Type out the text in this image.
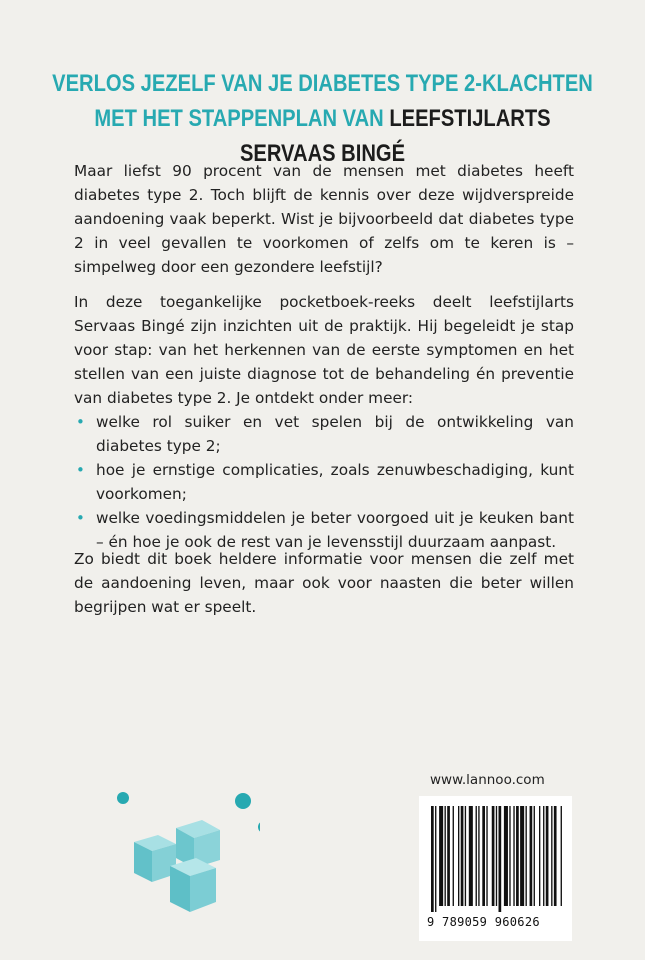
VERLOS JEZELF VAN JE DIABETES TYPE 2-KLACHTEN MET HET STAPPENPLAN VAN LEEFSTIJLARTS SERVAAS BINGÉ
Maar liefst 90 procent van de mensen met diabetes heeft diabetes type 2. Toch blijft de kennis over deze wijdverspreide aandoening vaak beperkt. Wist je bijvoorbeeld dat diabetes type 2 in veel gevallen te voorkomen of zelfs om te keren is – simpelweg door een gezondere leefstijl?
In deze toegankelijke pocketboek-reeks deelt leefstijlarts Servaas Bingé zijn inzichten uit de praktijk. Hij begeleidt je stap voor stap: van het herkennen van de eerste symptomen en het stellen van een juiste diagnose tot de behandeling én preventie van diabetes type 2. Je ontdekt onder meer:
• welke rol suiker en vet spelen bij de ontwikkeling van diabetes type 2;
• hoe je ernstige complicaties, zoals zenuwbeschadiging, kunt voorkomen;
• welke voedingsmiddelen je beter voorgoed uit je keuken bant – én hoe je ook de rest van je levensstijl duurzaam aanpast.
Zo biedt dit boek heldere informatie voor mensen die zelf met de aandoening leven, maar ook voor naasten die beter willen begrijpen wat er speelt.
www.lannoo.com
9 789059 960626
